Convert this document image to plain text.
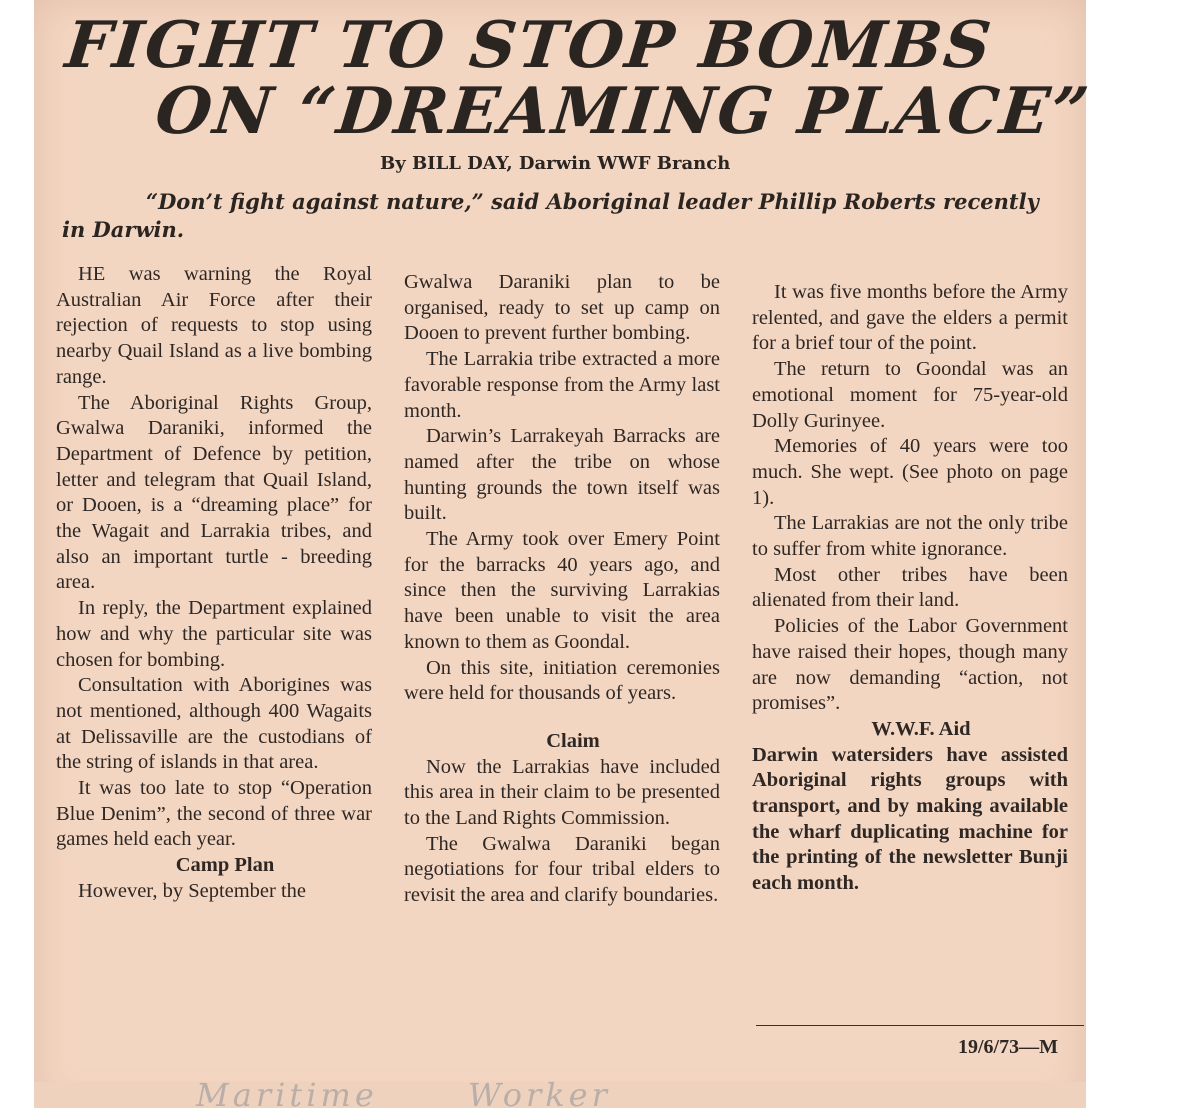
FIGHT TO STOP BOMBS
ON “DREAMING PLACE”
By BILL DAY, Darwin WWF Branch
“Don’t fight against nature,” said Aboriginal leader Phillip Roberts recently in Darwin.

HE was warning the Royal Australian Air Force after their rejection of requests to stop using nearby Quail Island as a live bombing range.

The Aboriginal Rights Group, Gwalwa Daraniki, informed the Department of Defence by petition, letter and telegram that Quail Island, or Dooen, is a “dreaming place” for the Wagait and Larrakia tribes, and also an important turtle - breeding area.

In reply, the Department explained how and why the particular site was chosen for bombing.

Consultation with Aborigines was not mentioned, although 400 Wagaits at Delissaville are the custodians of the string of islands in that area.

It was too late to stop “Operation Blue Denim”, the second of three war games held each year.

Camp Plan

However, by September the

Gwalwa Daraniki plan to be organised, ready to set up camp on Dooen to prevent further bombing.

The Larrakia tribe extracted a more favorable response from the Army last month.

Darwin’s Larrakeyah Barracks are named after the tribe on whose hunting grounds the town itself was built.

The Army took over Emery Point for the barracks 40 years ago, and since then the surviving Larrakias have been unable to visit the area known to them as Goondal.

On this site, initiation ceremonies were held for thousands of years.

Claim

Now the Larrakias have included this area in their claim to be presented to the Land Rights Commission.

The Gwalwa Daraniki began negotiations for four tribal elders to revisit the area and clarify boundaries.

It was five months before the Army relented, and gave the elders a permit for a brief tour of the point.

The return to Goondal was an emotional moment for 75-year-old Dolly Gurinyee.

Memories of 40 years were too much. She wept. (See photo on page 1).

The Larrakias are not the only tribe to suffer from white ignorance.

Most other tribes have been alienated from their land.

Policies of the Labor Government have raised their hopes, though many are now demanding “action, not promises”.

W.W.F. Aid

Darwin watersiders have assisted Aboriginal rights groups with transport, and by making available the wharf duplicating machine for the printing of the newsletter Bunji each month.

19/6/73—M
Maritime	Worker
